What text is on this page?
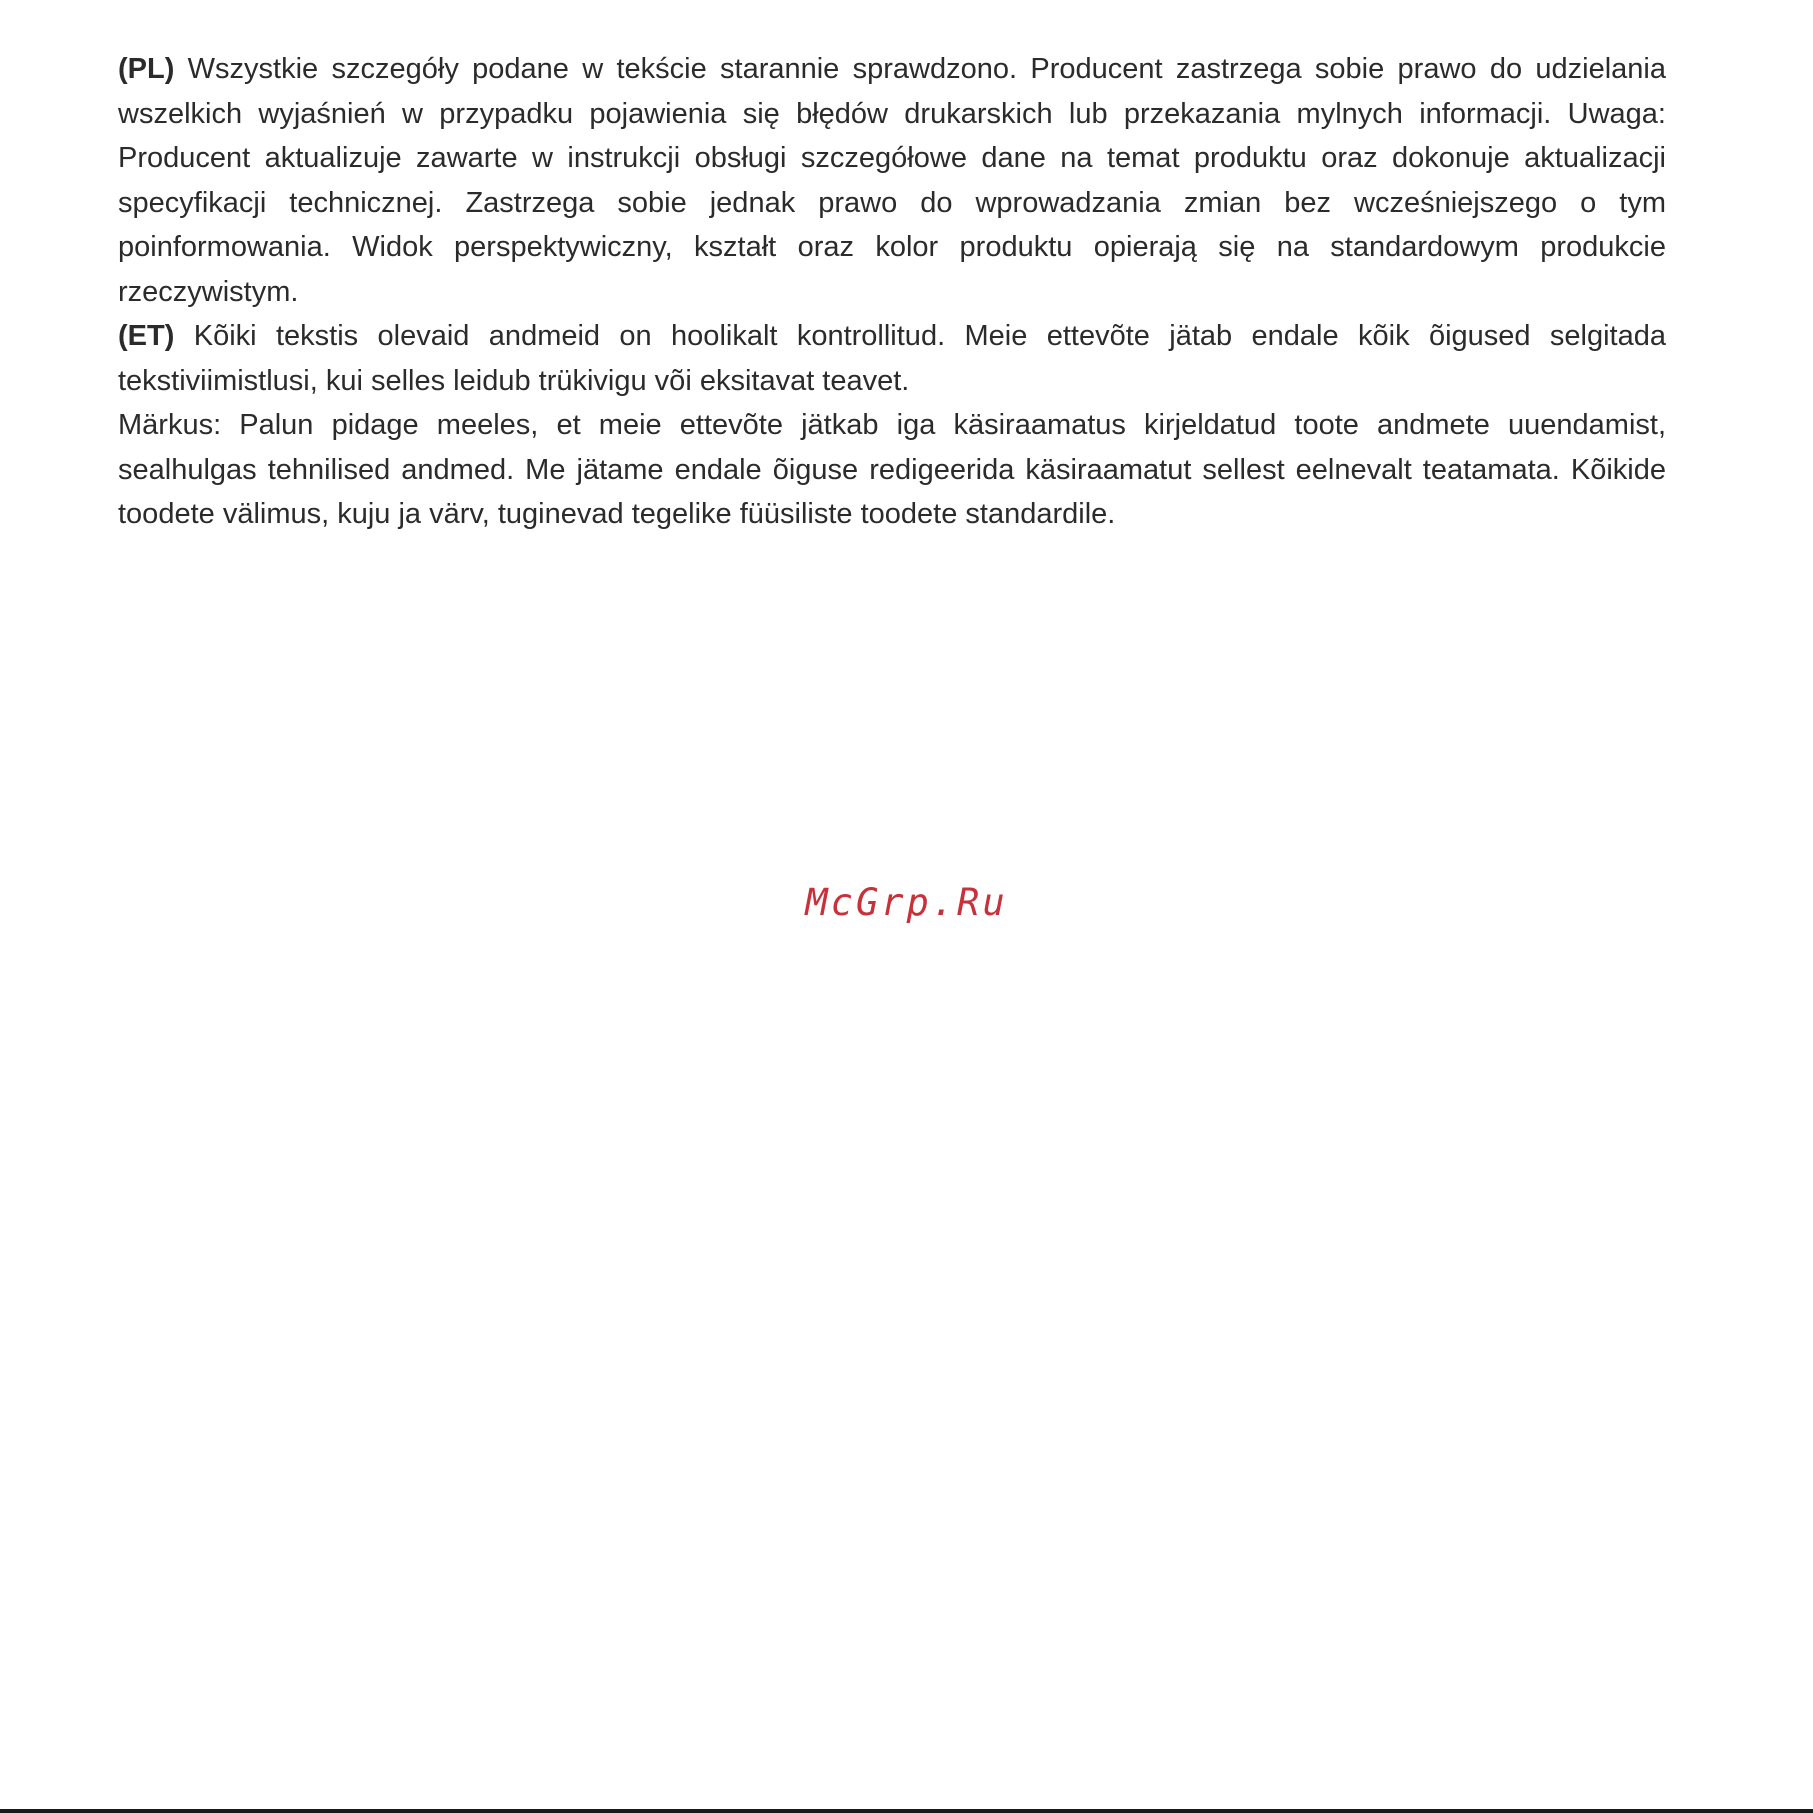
(PL) Wszystkie szczegóły podane w tekście starannie sprawdzono. Producent zastrzega sobie prawo do udzielania wszelkich wyjaśnień w przypadku pojawienia się błędów drukarskich lub przekazania mylnych informacji. Uwaga: Producent aktualizuje zawarte w instrukcji obsługi szczegółowe dane na temat produktu oraz dokonuje aktualizacji specyfikacji technicznej. Zastrzega sobie jednak prawo do wprowadzania zmian bez wcześniejszego o tym poinformowania. Widok perspektywiczny, kształt oraz kolor produktu opierają się na standardowym produkcie rzeczywistym.

(ET) Kõiki tekstis olevaid andmeid on hoolikalt kontrollitud. Meie ettevõte jätab endale kõik õigused selgitada tekstiviimistlusi, kui selles leidub trükivigu või eksitavat teavet.

Märkus: Palun pidage meeles, et meie ettevõte jätkab iga käsiraamatus kirjeldatud toote andmete uuendamist, sealhulgas tehnilised andmed. Me jätame endale õiguse redigeerida käsiraamatut sellest eelnevalt teatamata. Kõikide toodete välimus, kuju ja värv, tuginevad tegelike füüsiliste toodete standardile.

McGrp.Ru
